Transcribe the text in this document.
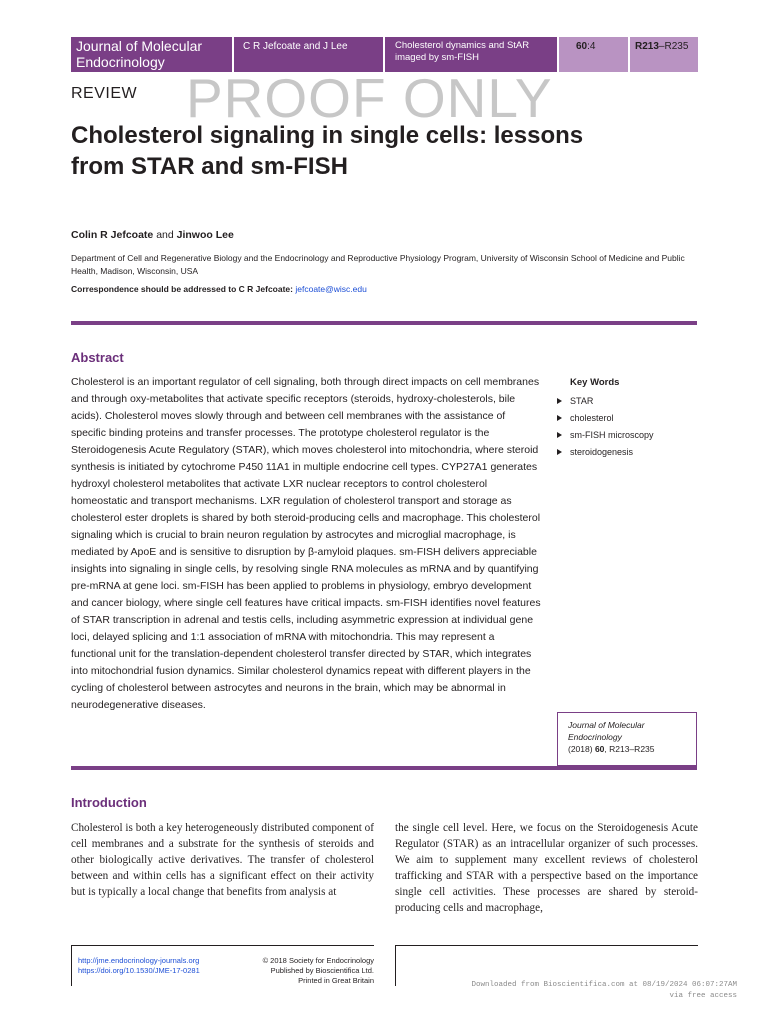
Journal of Molecular Endocrinology
C R Jefcoate and J Lee	Cholesterol dynamics and StAR imaged by sm-FISH
60:4	R213–R235
REVIEW PROOF ONLY
Cholesterol signaling in single cells: lessons from STAR and sm-FISH
Colin R Jefcoate and Jinwoo Lee
Department of Cell and Regenerative Biology and the Endocrinology and Reproductive Physiology Program, University of Wisconsin School of Medicine and Public Health, Madison, Wisconsin, USA
Correspondence should be addressed to C R Jefcoate: jefcoate@wisc.edu
Abstract

Cholesterol is an important regulator of cell signaling, both through direct impacts on cell membranes and through oxy-metabolites that activate specific receptors (steroids, hydroxy-cholesterols, bile acids). Cholesterol moves slowly through and between cell membranes with the assistance of specific binding proteins and transfer processes. The prototype cholesterol regulator is the Steroidogenesis Acute Regulatory (STAR), which moves cholesterol into mitochondria, where steroid synthesis is initiated by cytochrome P450 11A1 in multiple endocrine cell types. CYP27A1 generates hydroxyl cholesterol metabolites that activate LXR nuclear receptors to control cholesterol homeostatic and transport mechanisms. LXR regulation of cholesterol transport and storage as cholesterol ester droplets is shared by both steroid-producing cells and macrophage. This cholesterol signaling which is crucial to brain neuron regulation by astrocytes and microglial macrophage, is mediated by ApoE and is sensitive to disruption by β-amyloid plaques. sm-FISH delivers appreciable insights into signaling in single cells, by resolving single RNA molecules as mRNA and by quantifying pre-mRNA at gene loci. sm-FISH has been applied to problems in physiology, embryo development and cancer biology, where single cell features have critical impacts. sm-FISH identifies novel features of STAR transcription in adrenal and testis cells, including asymmetric expression at individual gene loci, delayed splicing and 1:1 association of mRNA with mitochondria. This may represent a functional unit for the translation-dependent cholesterol transfer directed by STAR, which integrates into mitochondrial fusion dynamics. Similar cholesterol dynamics repeat with different players in the cycling of cholesterol between astrocytes and neurons in the brain, which may be abnormal in neurodegenerative diseases.

Key Words
STAR
cholesterol
sm-FISH microscopy
steroidogenesis
Journal of Molecular Endocrinology
(2018) 60, R213–R235
Introduction

Cholesterol is both a key heterogeneously distributed component of cell membranes and a substrate for the synthesis of steroids and other biologically active derivatives. The transfer of cholesterol between and within cells has a significant effect on their activity but is typically a local change that benefits from analysis at

the single cell level. Here, we focus on the Steroidogenesis Acute Regulator (STAR) as an intracellular organizer of such processes. We aim to supplement many excellent reviews of cholesterol trafficking and STAR with a perspective based on the importance single cell activities. These processes are shared by steroid-producing cells and macrophage,

http://jme.endocrinology-journals.org
https://doi.org/10.1530/JME-17-0281
© 2018 Society for Endocrinology
Published by Bioscientifica Ltd.
Printed in Great Britain	Downloaded from Bioscientifica.com at 08/19/2024 06:07:27AM
via free access
